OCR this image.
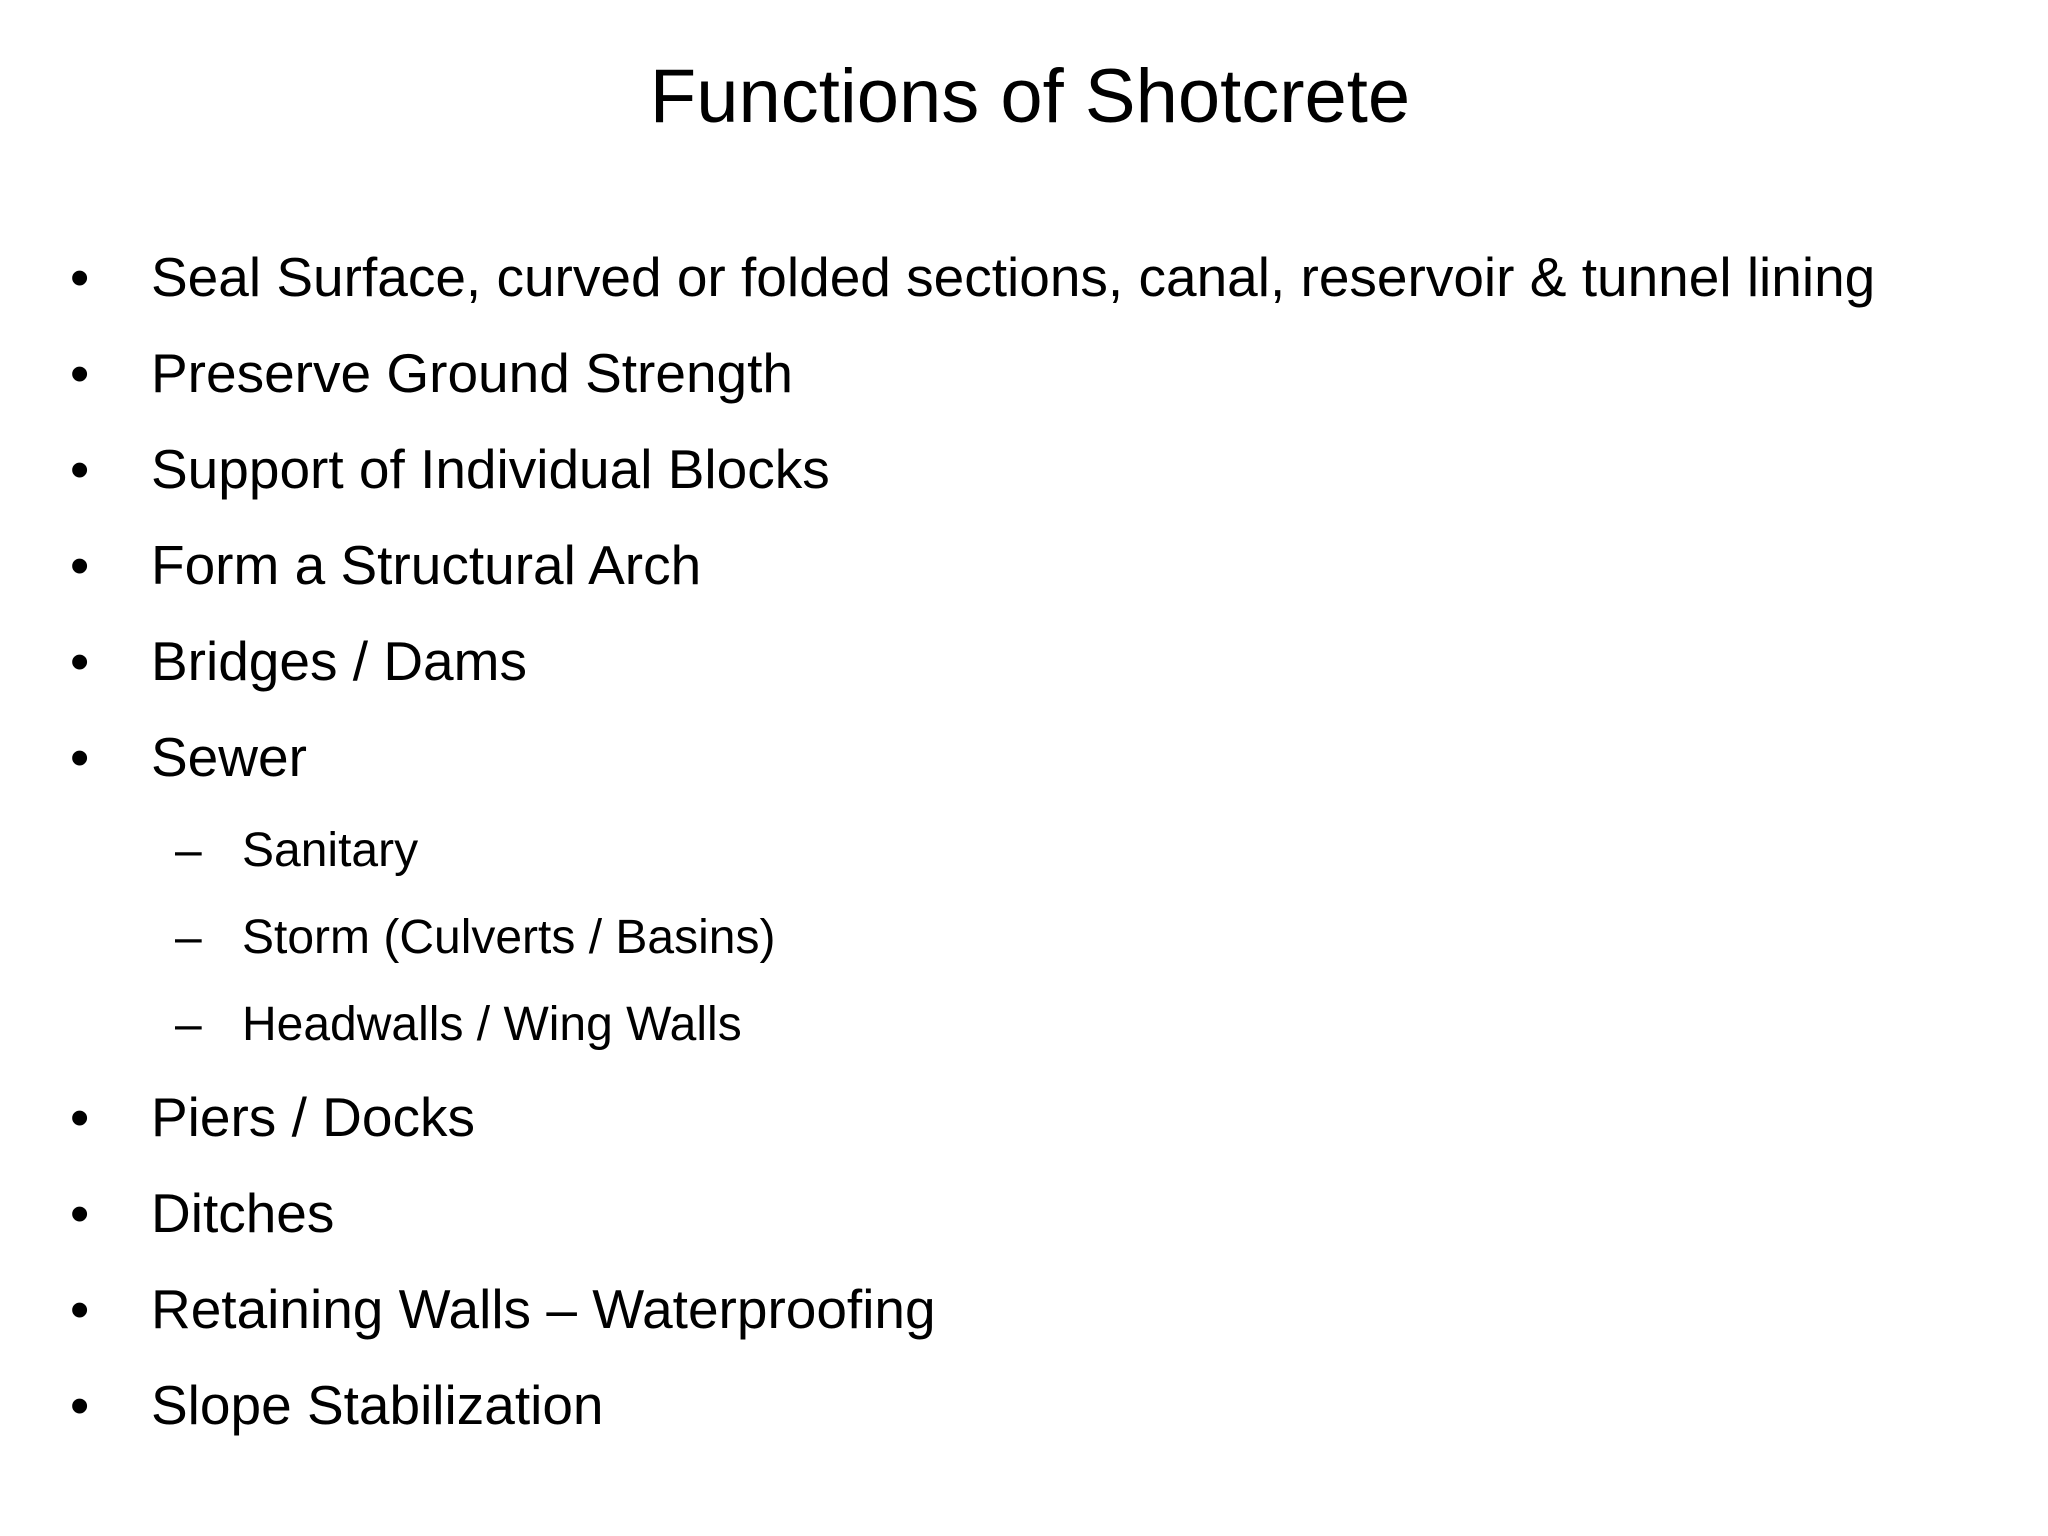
Functions of Shotcrete
• Seal Surface, curved or folded sections, canal, reservoir & tunnel lining
• Preserve Ground Strength
• Support of Individual Blocks
• Form a Structural Arch
• Bridges / Dams
• Sewer
– Sanitary
– Storm (Culverts / Basins)
– Headwalls / Wing Walls
• Piers / Docks
• Ditches
• Retaining Walls – Waterproofing
• Slope Stabilization
